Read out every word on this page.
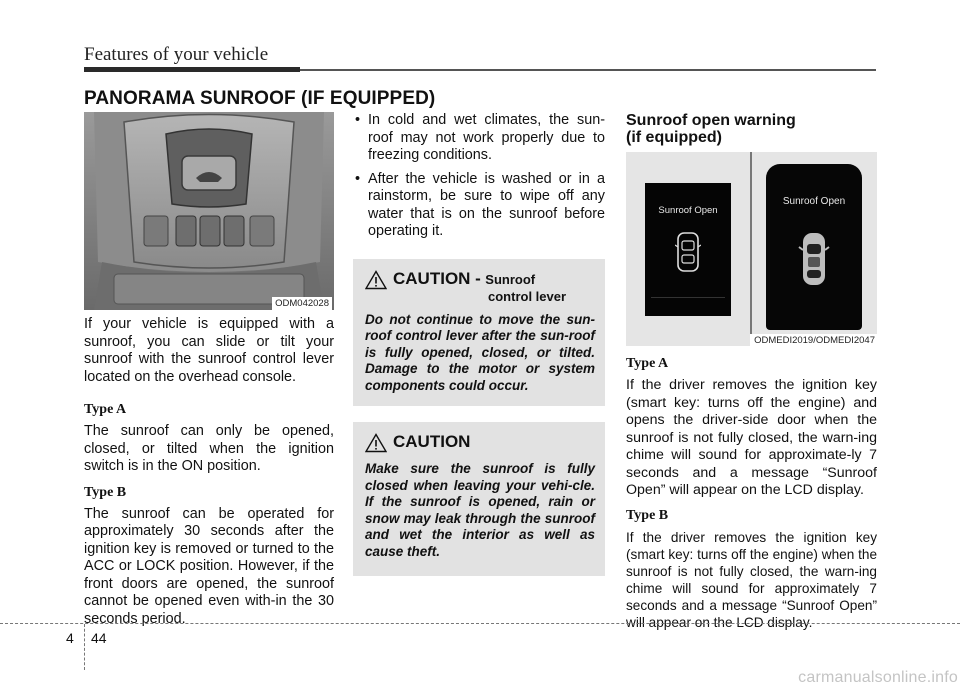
Features of your vehicle
PANORAMA SUNROOF (IF EQUIPPED)
ODM042028

If your vehicle is equipped with a sunroof, you can slide or tilt your sunroof with the sunroof control lever located on the overhead console.

Type A

The sunroof can only be opened, closed, or tilted when the ignition switch is in the ON position.

Type B

The sunroof can be operated for approximately 30 seconds after the ignition key is removed or turned to the ACC or LOCK position. However, if the front doors are opened, the sunroof cannot be opened even with-in the 30 seconds period.

• In cold and wet climates, the sun-roof may not work properly due to freezing conditions.
• After the vehicle is washed or in a rainstorm, be sure to wipe off any water that is on the sunroof before operating it.
CAUTION - Sunroof
control lever

Do not continue to move the sun-roof control lever after the sun-roof is fully opened, closed, or tilted. Damage to the motor or system components could occur.

CAUTION

Make sure the sunroof is fully closed when leaving your vehi-cle. If the sunroof is opened, rain or snow may leak through the sunroof and wet the interior as well as cause theft.

Sunroof open warning

(if equipped)

Sunroof Open
Sunroof Open
ODMEDI2019/ODMEDI2047

Type A

If the driver removes the ignition key (smart key: turns off the engine) and opens the driver-side door when the sunroof is not fully closed, the warn-ing chime will sound for approximate-ly 7 seconds and a message “Sunroof Open” will appear on the LCD display.

Type B

If the driver removes the ignition key (smart key: turns off the engine) when the sunroof is not fully closed, the warn-ing chime will sound for approximately 7 seconds and a message “Sunroof Open” will appear on the LCD display.

4 44
carmanualsonline.info
